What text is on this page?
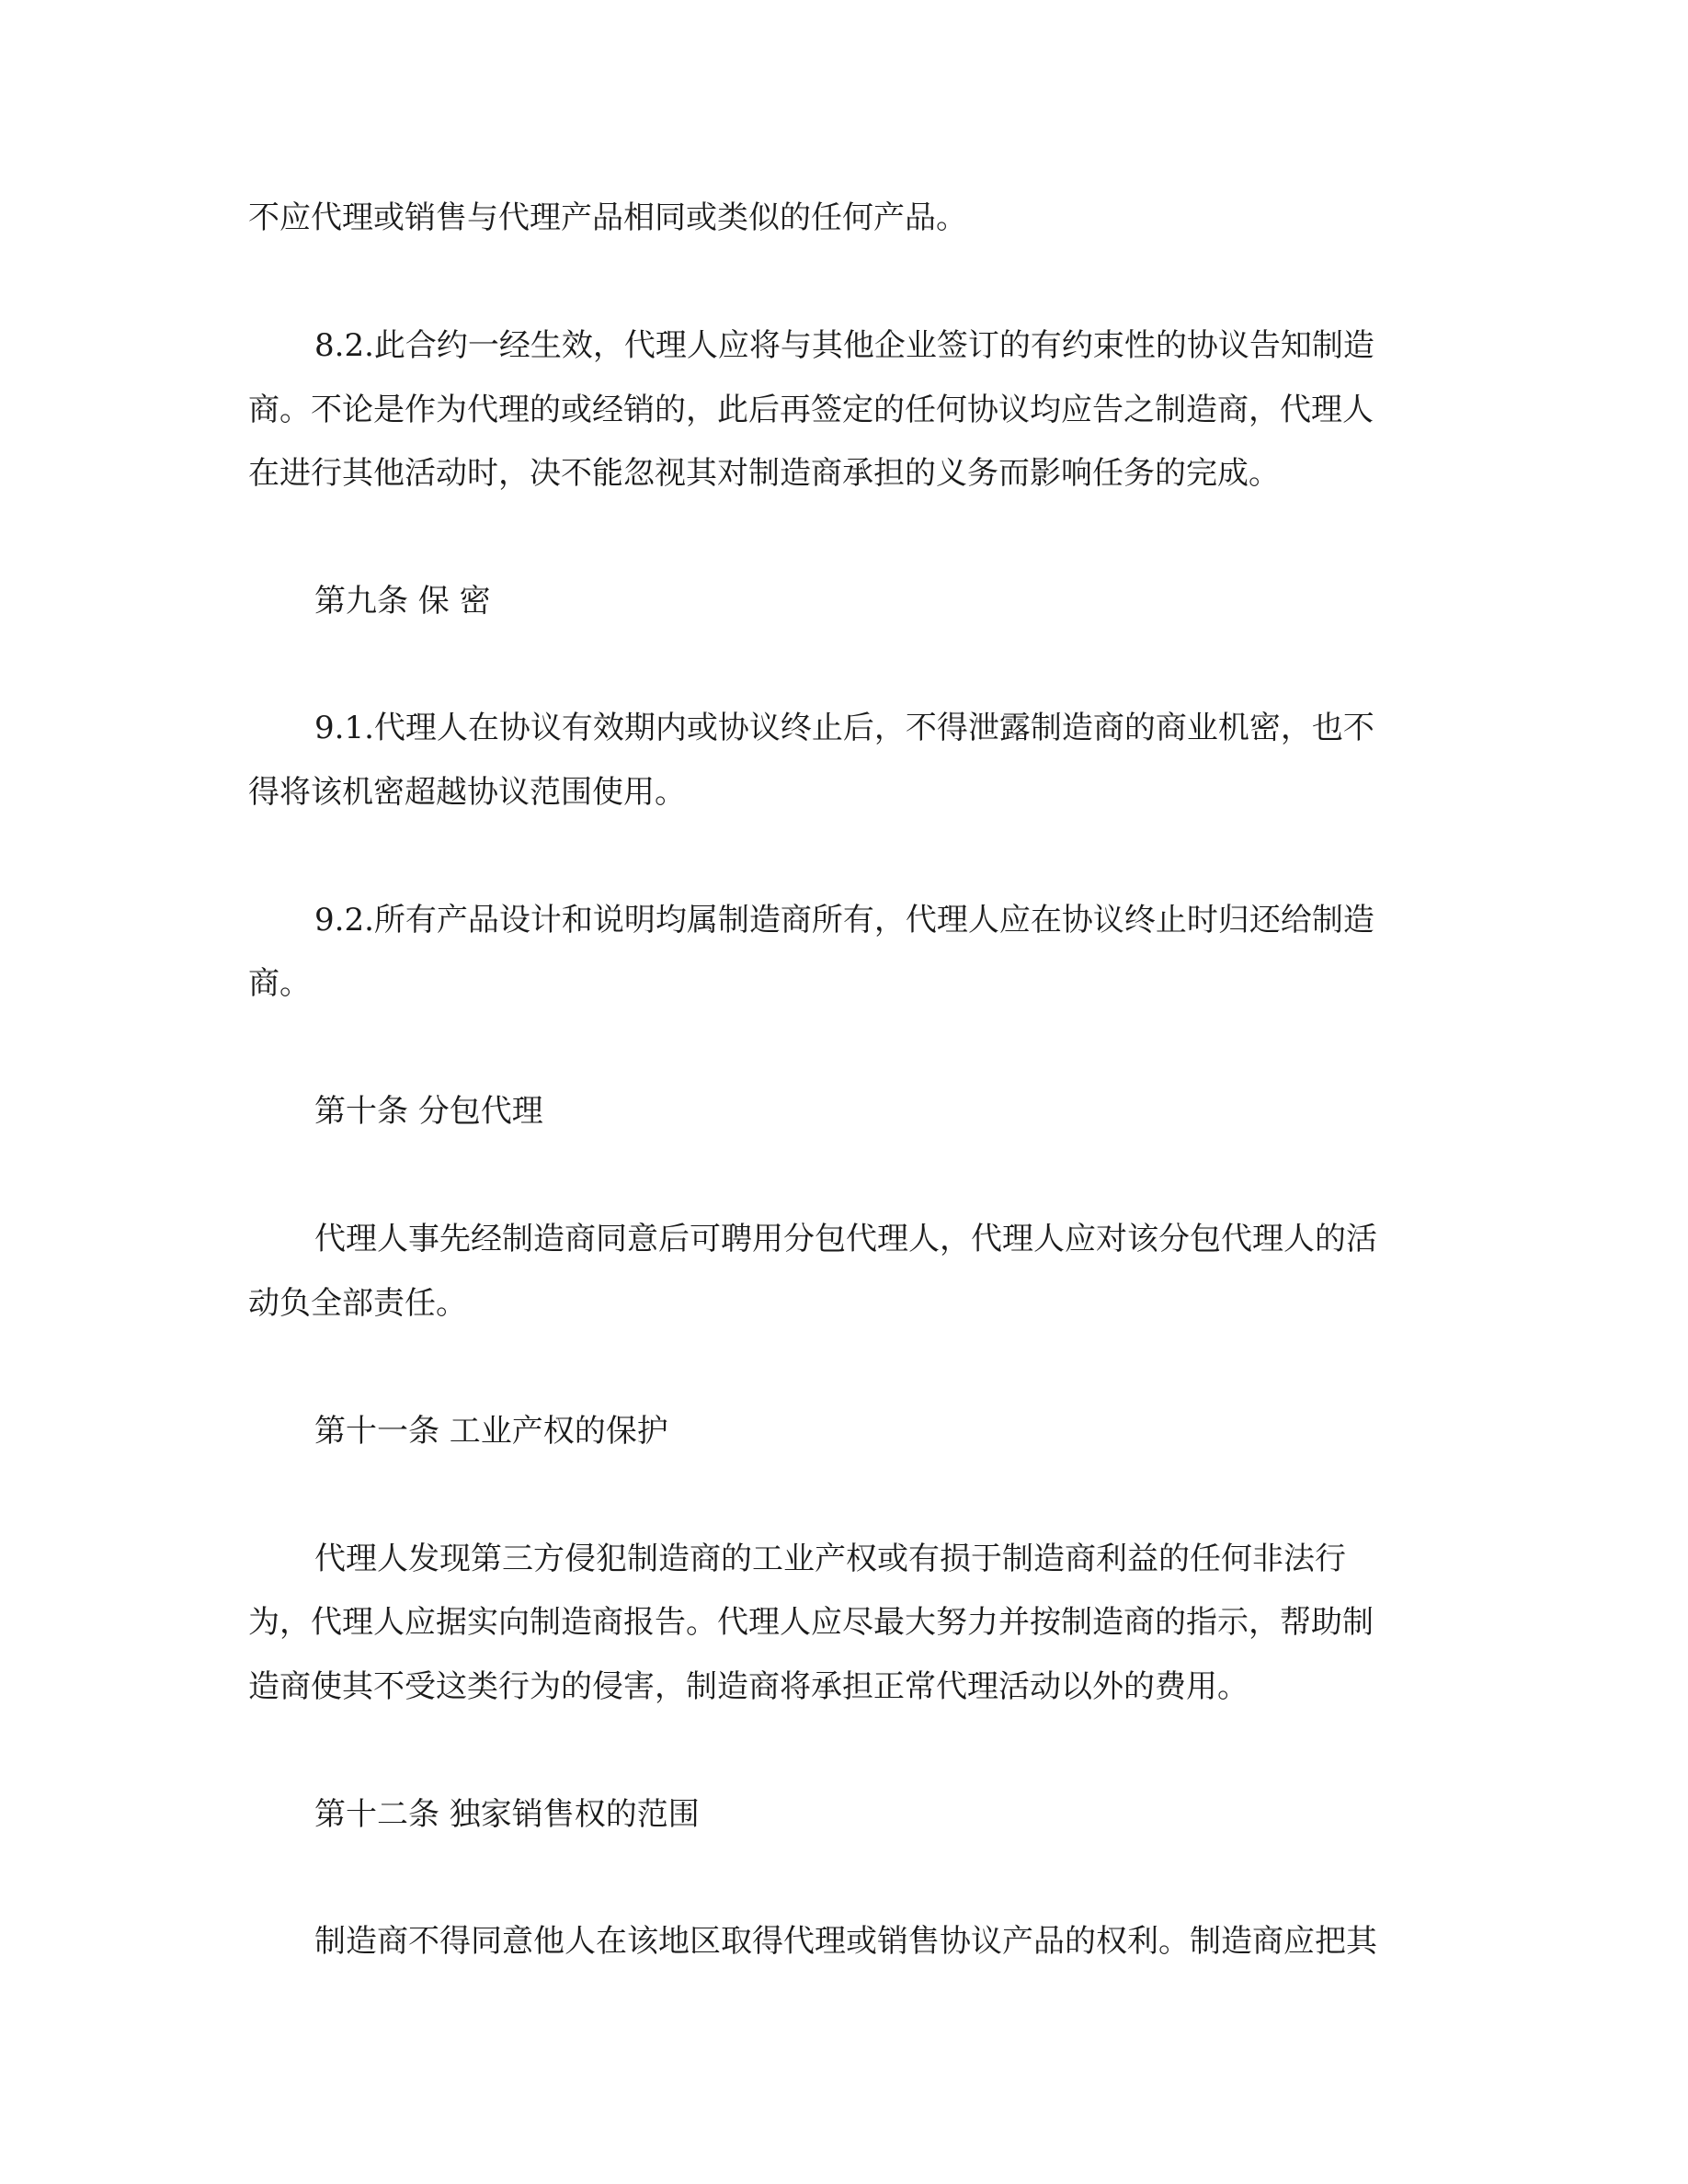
不应代理或销售与代理产品相同或类似的任何产品。

8.2.此合约一经生效，代理人应将与其他企业签订的有约束性的协议告知制造

商。不论是作为代理的或经销的，此后再签定的任何协议均应告之制造商，代理人

在进行其他活动时，决不能忽视其对制造商承担的义务而影响任务的完成。

第九条 保 密

9.1.代理人在协议有效期内或协议终止后，不得泄露制造商的商业机密，也不

得将该机密超越协议范围使用。

9.2.所有产品设计和说明均属制造商所有，代理人应在协议终止时归还给制造

商。

第十条 分包代理

代理人事先经制造商同意后可聘用分包代理人，代理人应对该分包代理人的活

动负全部责任。

第十一条 工业产权的保护

代理人发现第三方侵犯制造商的工业产权或有损于制造商利益的任何非法行

为，代理人应据实向制造商报告。代理人应尽最大努力并按制造商的指示，帮助制

造商使其不受这类行为的侵害，制造商将承担正常代理活动以外的费用。

第十二条 独家销售权的范围

制造商不得同意他人在该地区取得代理或销售协议产品的权利。制造商应把其
